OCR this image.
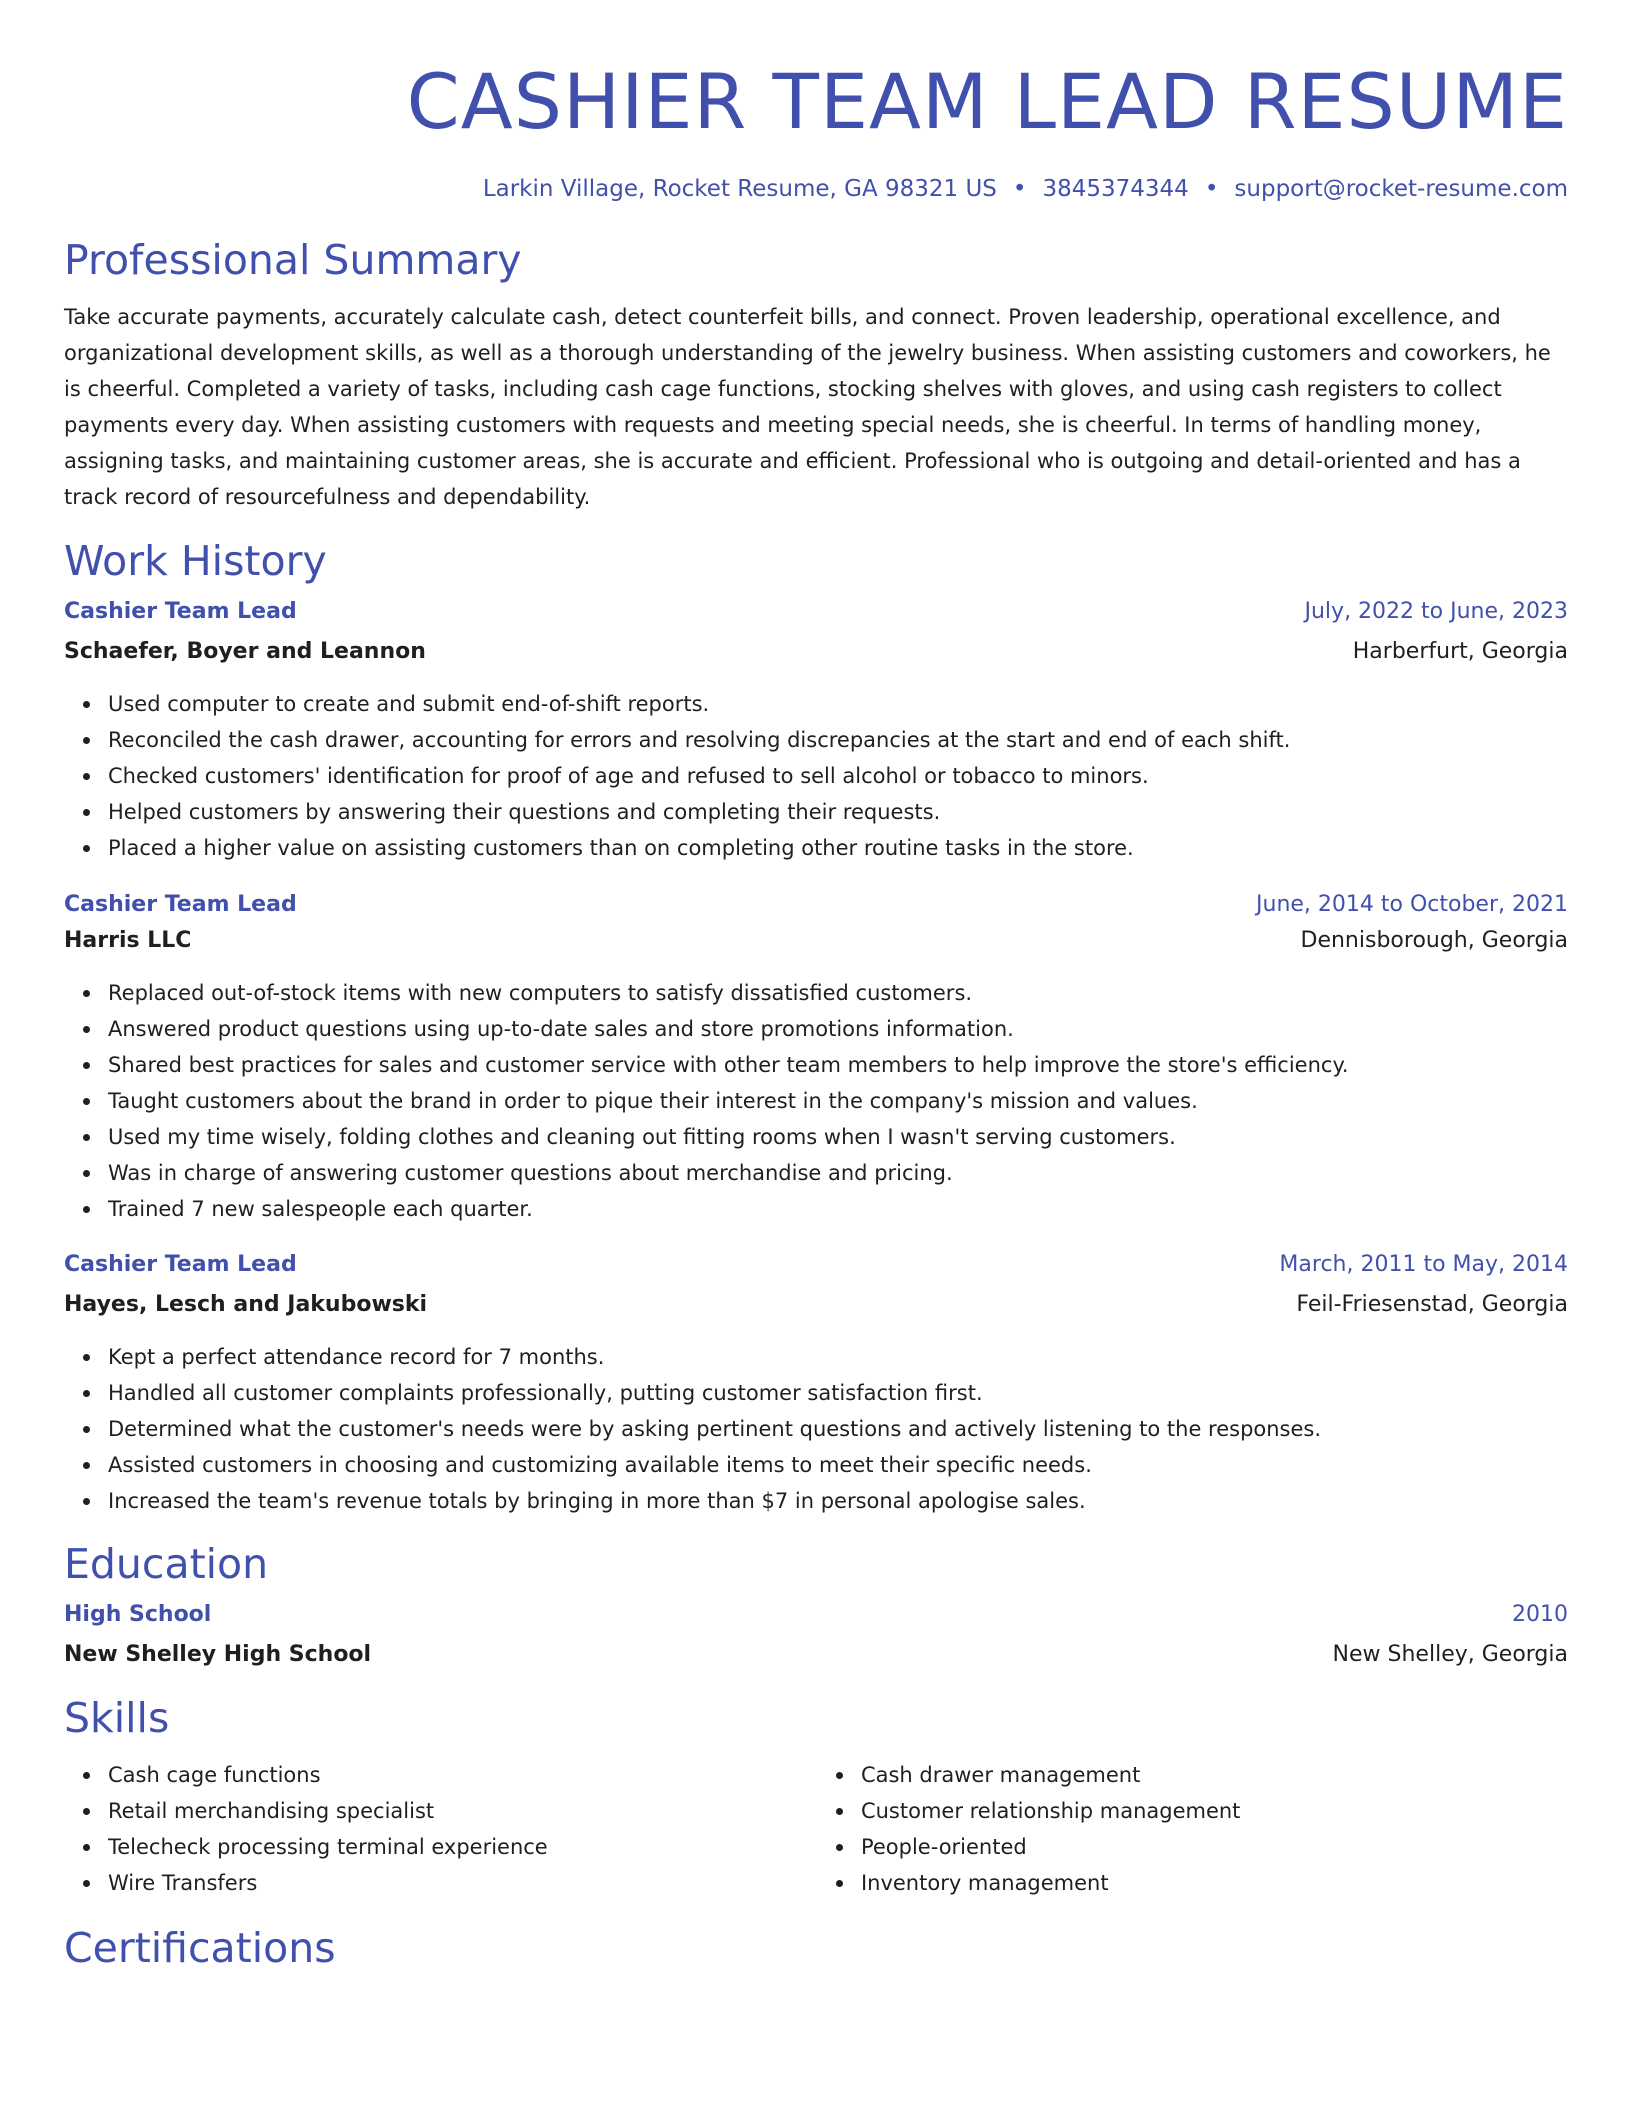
CASHIER TEAM LEAD RESUME
Larkin Village, Rocket Resume, GA 98321 US • 3845374344 • support@rocket-resume.com
Professional Summary

Take accurate payments, accurately calculate cash, detect counterfeit bills, and connect. Proven leadership, operational excellence, and organizational development skills, as well as a thorough understanding of the jewelry business. When assisting customers and coworkers, he is cheerful. Completed a variety of tasks, including cash cage functions, stocking shelves with gloves, and using cash registers to collect payments every day. When assisting customers with requests and meeting special needs, she is cheerful. In terms of handling money, assigning tasks, and maintaining customer areas, she is accurate and efficient. Professional who is outgoing and detail-oriented and has a track record of resourcefulness and dependability.

Work History
Cashier Team Lead	July, 2022 to June, 2023
Schaefer, Boyer and Leannon	Harberfurt, Georgia
Used computer to create and submit end-of-shift reports.
Reconciled the cash drawer, accounting for errors and resolving discrepancies at the start and end of each shift.
Checked customers' identification for proof of age and refused to sell alcohol or tobacco to minors.
Helped customers by answering their questions and completing their requests.
Placed a higher value on assisting customers than on completing other routine tasks in the store.
Cashier Team Lead	June, 2014 to October, 2021
Harris LLC	Dennisborough, Georgia
Replaced out-of-stock items with new computers to satisfy dissatisfied customers.
Answered product questions using up-to-date sales and store promotions information.
Shared best practices for sales and customer service with other team members to help improve the store's efficiency.
Taught customers about the brand in order to pique their interest in the company's mission and values.
Used my time wisely, folding clothes and cleaning out fitting rooms when I wasn't serving customers.
Was in charge of answering customer questions about merchandise and pricing.
Trained 7 new salespeople each quarter.
Cashier Team Lead	March, 2011 to May, 2014
Hayes, Lesch and Jakubowski	Feil-Friesenstad, Georgia
Kept a perfect attendance record for 7 months.
Handled all customer complaints professionally, putting customer satisfaction first.
Determined what the customer's needs were by asking pertinent questions and actively listening to the responses.
Assisted customers in choosing and customizing available items to meet their specific needs.
Increased the team's revenue totals by bringing in more than $7 in personal apologise sales.
Education
High School	2010
New Shelley High School	New Shelley, Georgia
Skills
Cash cage functions
Retail merchandising specialist
Telecheck processing terminal experience
Wire Transfers
Cash drawer management
Customer relationship management
People-oriented
Inventory management
Certifications
